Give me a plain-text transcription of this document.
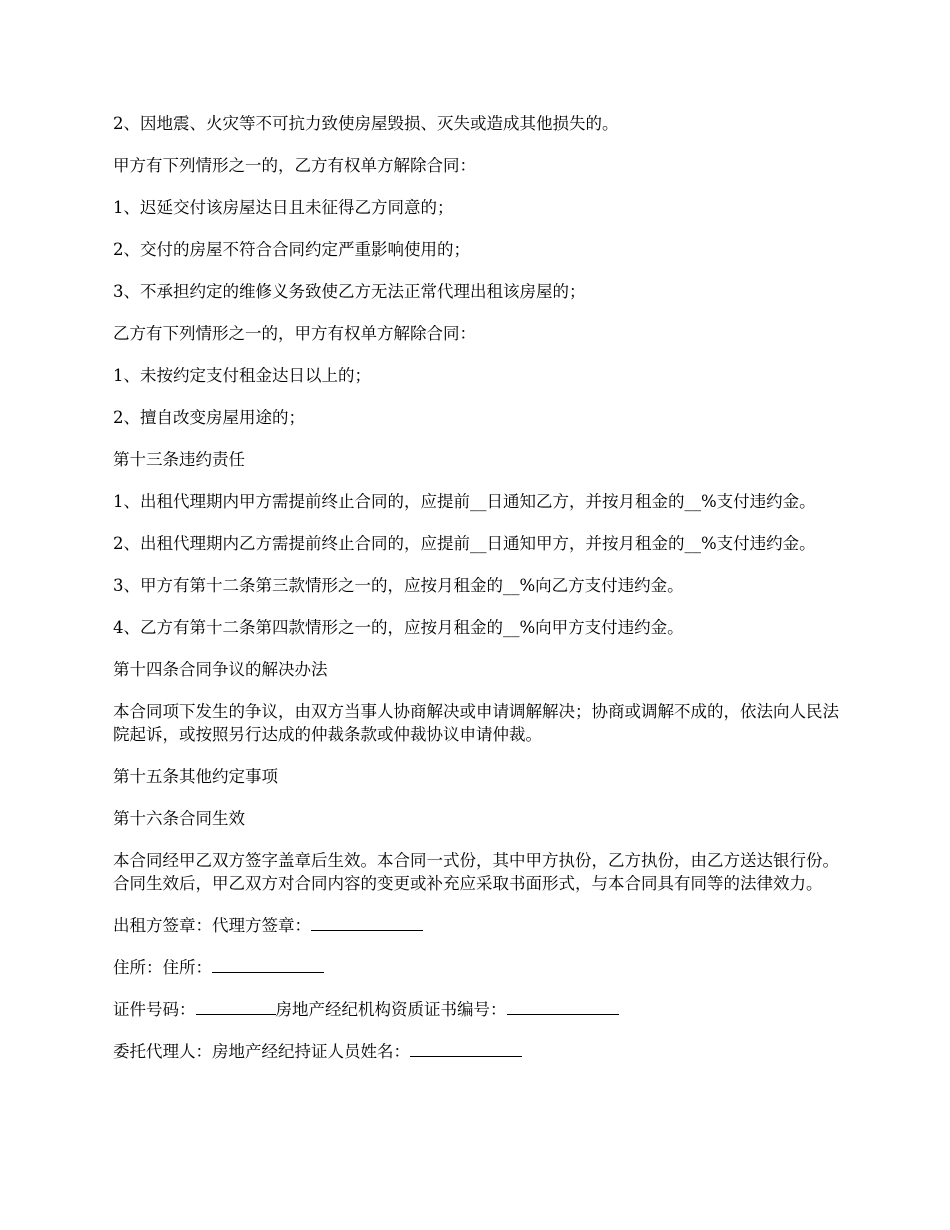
2、因地震、火灾等不可抗力致使房屋毁损、灭失或造成其他损失的。

甲方有下列情形之一的，乙方有权单方解除合同：

1、迟延交付该房屋达日且未征得乙方同意的；

2、交付的房屋不符合合同约定严重影响使用的；

3、不承担约定的维修义务致使乙方无法正常代理出租该房屋的；

乙方有下列情形之一的，甲方有权单方解除合同：

1、未按约定支付租金达日以上的；

2、擅自改变房屋用途的；

第十三条违约责任

1、出租代理期内甲方需提前终止合同的，应提前__日通知乙方，并按月租金的__%支付违约金。

2、出租代理期内乙方需提前终止合同的，应提前__日通知甲方，并按月租金的__%支付违约金。

3、甲方有第十二条第三款情形之一的，应按月租金的__%向乙方支付违约金。

4、乙方有第十二条第四款情形之一的，应按月租金的__%向甲方支付违约金。

第十四条合同争议的解决办法

本合同项下发生的争议，由双方当事人协商解决或申请调解解决；协商或调解不成的，依法向人民法院起诉，或按照另行达成的仲裁条款或仲裁协议申请仲裁。

第十五条其他约定事项

第十六条合同生效

本合同经甲乙双方签字盖章后生效。本合同一式份，其中甲方执份，乙方执份，由乙方送达银行份。合同生效后，甲乙双方对合同内容的变更或补充应采取书面形式，与本合同具有同等的法律效力。

出租方签章：代理方签章：

住所：住所：

证件号码：	房地产经纪机构资质证书编号：

委托代理人：房地产经纪持证人员姓名：
